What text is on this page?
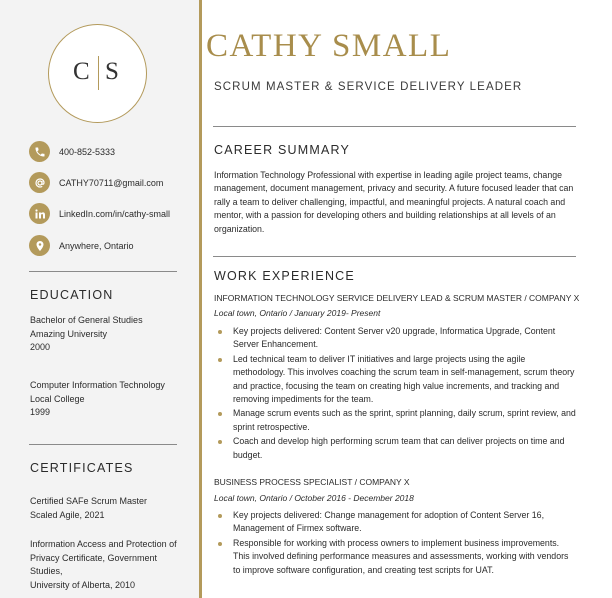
C S
400-852-5333
CATHY70711@gmail.com
LinkedIn.com/in/cathy-small
Anywhere, Ontario
EDUCATION
Bachelor of General Studies
Amazing University
2000
Computer Information Technology
Local College
1999
CERTIFICATES
Certified SAFe Scrum Master
Scaled Agile, 2021
Information Access and Protection of
Privacy Certificate, Government
Studies,
University of Alberta, 2010
CATHY SMALL
SCRUM MASTER & SERVICE DELIVERY LEADER
CAREER SUMMARY

Information Technology Professional with expertise in leading agile project teams, change management, document management, privacy and security. A future focused leader that can rally a team to deliver challenging, impactful, and meaningful projects. A natural coach and mentor, with a passion for developing others and building relationships at all levels of an organization.

WORK EXPERIENCE
INFORMATION TECHNOLOGY SERVICE DELIVERY LEAD & SCRUM MASTER / COMPANY X
Local town, Ontario / January 2019- Present
Key projects delivered: Content Server v20 upgrade, Informatica Upgrade, Content Server Enhancement.
Led technical team to deliver IT initiatives and large projects using the agile methodology. This involves coaching the scrum team in self-management, scrum theory and practice, focusing the team on creating high value increments, and tracking and removing impediments for the team.
Manage scrum events such as the sprint, sprint planning, daily scrum, sprint review, and sprint retrospective.
Coach and develop high performing scrum team that can deliver projects on time and budget.
BUSINESS PROCESS SPECIALIST / COMPANY X
Local town, Ontario / October 2016 - December 2018
Key projects delivered: Change management for adoption of Content Server 16, Management of Firmex software.
Responsible for working with process owners to implement business improvements. This involved defining performance measures and assessments, working with vendors to improve software configuration, and creating test scripts for UAT.
